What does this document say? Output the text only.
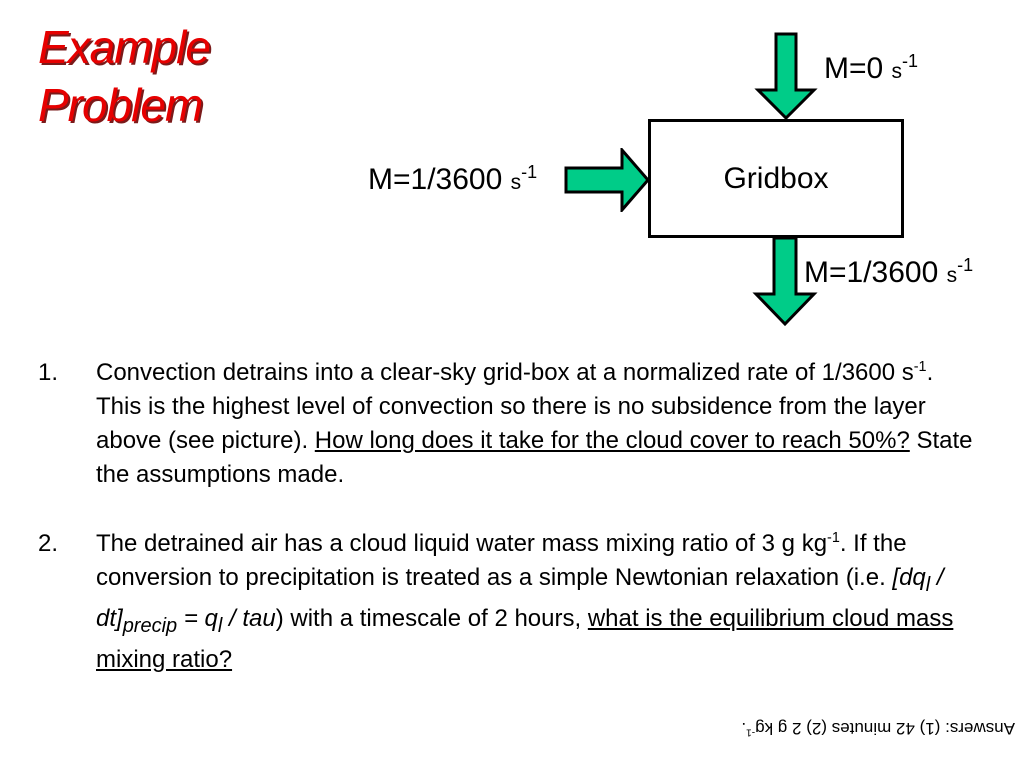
Example
Problem
Gridbox
M=0 $s^{-1}$
M=1/3600 $s^{-1}$
M=1/3600 $s^{-1}$
1. Convection detrains into a clear-sky grid-box at a normalized rate of 1/3600 $s^{-1}$. This is the highest level of convection so there is no subsidence from the layer above (see picture). How long does it take for the cloud cover to reach 50%? State the assumptions made.
2. The detrained air has a cloud liquid water mass mixing ratio of 3 g $kg^{-1}$. If the conversion to precipitation is treated as a simple Newtonian relaxation (i.e. $[dq_l / dt]_{precip} = q_l / tau$) with a timescale of 2 hours, what is the equilibrium cloud mass mixing ratio?
Answers: (1) 42 minutes (2) 2 g $kg^{-1}$.
